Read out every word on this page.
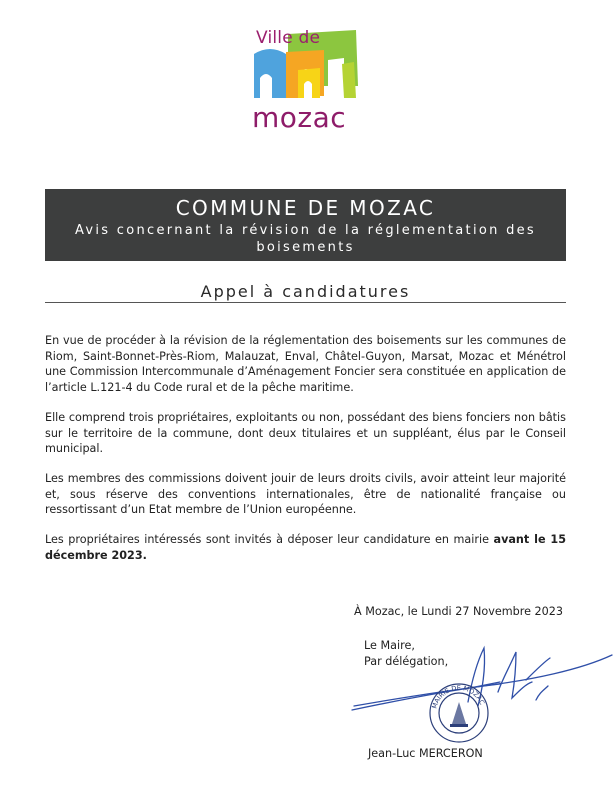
Ville de
mozac
COMMUNE DE MOZAC
Avis concernant la révision de la réglementation des boisements
Appel à candidatures
En vue de procéder à la révision de la réglementation des boisements sur les communes de Riom, Saint-Bonnet-Près-Riom, Malauzat, Enval, Châtel-Guyon, Marsat, Mozac et Ménétrol une Commission Intercommunale d’Aménagement Foncier sera constituée en application de l’article L.121-4 du Code rural et de la pêche maritime.
Elle comprend trois propriétaires, exploitants ou non, possédant des biens fonciers non bâtis sur le territoire de la commune, dont deux titulaires et un suppléant, élus par le Conseil municipal.
Les membres des commissions doivent jouir de leurs droits civils, avoir atteint leur majorité et, sous réserve des conventions internationales, être de nationalité française ou ressortissant d’un Etat membre de l’Union européenne.
Les propriétaires intéressés sont invités à déposer leur candidature en mairie avant le 15 décembre 2023.
À Mozac, le Lundi 27 Novembre 2023
Le Maire,
Par délégation,
MAIRIE DE MOZAC
Jean-Luc MERCERON
